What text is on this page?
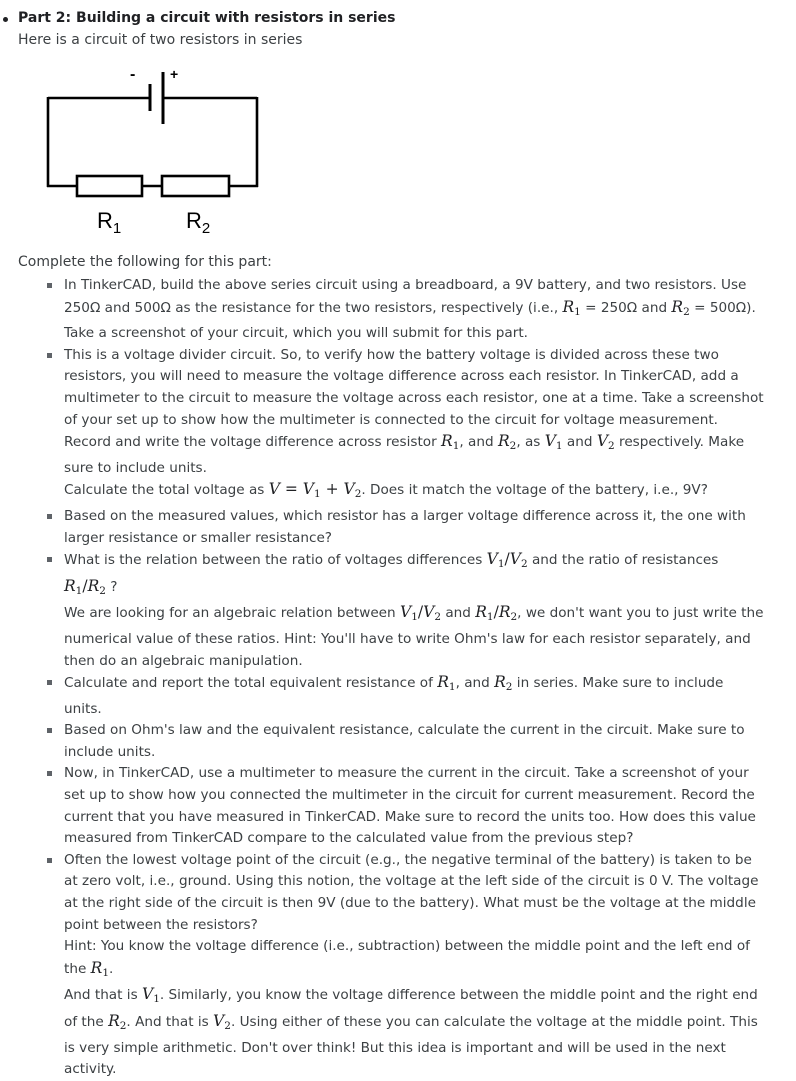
Part 2: Building a circuit with resistors in series
Here is a circuit of two resistors in series
- +
$R_1$	$R_2$
Complete the following for this part:
In TinkerCAD, build the above series circuit using a breadboard, a 9V battery, and two resistors. Use 250Ω and 500Ω as the resistance for the two resistors, respectively (i.e., $R_1 = 250\Omega$ and $R_2 = 500\Omega$). Take a screenshot of your circuit, which you will submit for this part.
This is a voltage divider circuit. So, to verify how the battery voltage is divided across these two resistors, you will need to measure the voltage difference across each resistor. In TinkerCAD, add a multimeter to the circuit to measure the voltage across each resistor, one at a time. Take a screenshot of your set up to show how the multimeter is connected to the circuit for voltage measurement. Record and write the voltage difference across resistor $R_1$, and $R_2$, as $V_1$ and $V_2$ respectively. Make sure to include units.
Calculate the total voltage as $V = V_1 + V_2$. Does it match the voltage of the battery, i.e., 9V?
Based on the measured values, which resistor has a larger voltage difference across it, the one with larger resistance or smaller resistance?
What is the relation between the ratio of voltages differences $V_1/V_2$ and the ratio of resistances $R_1/R_2$ ?
We are looking for an algebraic relation between $V_1/V_2$ and $R_1/R_2$, we don't want you to just write the numerical value of these ratios. Hint: You'll have to write Ohm's law for each resistor separately, and then do an algebraic manipulation.
Calculate and report the total equivalent resistance of $R_1$, and $R_2$ in series. Make sure to include units.
Based on Ohm's law and the equivalent resistance, calculate the current in the circuit. Make sure to include units.
Now, in TinkerCAD, use a multimeter to measure the current in the circuit. Take a screenshot of your set up to show how you connected the multimeter in the circuit for current measurement. Record the current that you have measured in TinkerCAD. Make sure to record the units too. How does this value measured from TinkerCAD compare to the calculated value from the previous step?
Often the lowest voltage point of the circuit (e.g., the negative terminal of the battery) is taken to be at zero volt, i.e., ground. Using this notion, the voltage at the left side of the circuit is 0 V. The voltage at the right side of the circuit is then 9V (due to the battery). What must be the voltage at the middle point between the resistors?
Hint: You know the voltage difference (i.e., subtraction) between the middle point and the left end of the $R_1$.
And that is $V_1$. Similarly, you know the voltage difference between the middle point and the right end of the $R_2$. And that is $V_2$. Using either of these you can calculate the voltage at the middle point. This is very simple arithmetic. Don't over think! But this idea is important and will be used in the next activity.
